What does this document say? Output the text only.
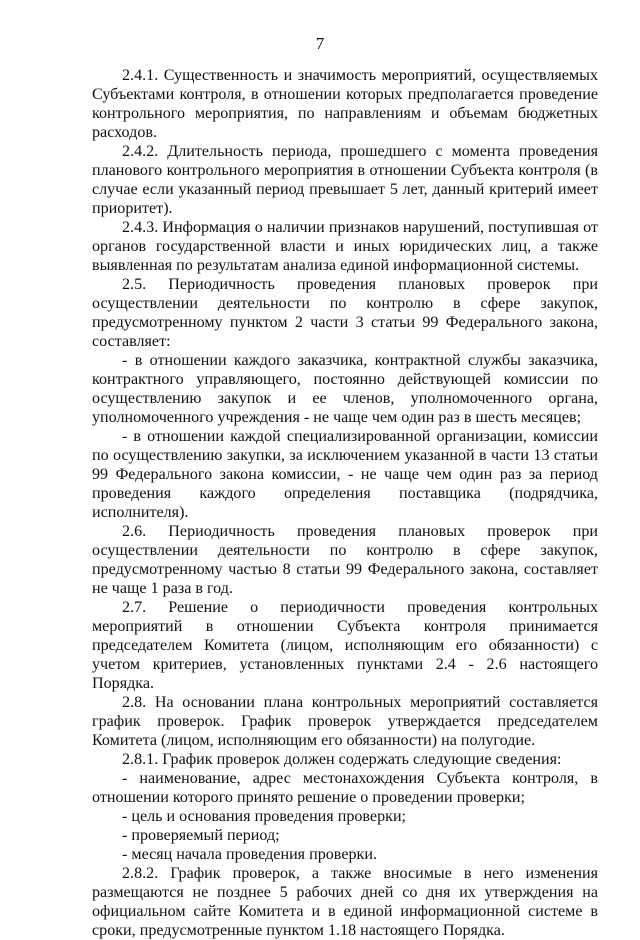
7

2.4.1. Существенность и значимость мероприятий, осуществляемых Субъектами контроля, в отношении которых предполагается проведение контрольного мероприятия, по направлениям и объемам бюджетных расходов.

2.4.2. Длительность периода, прошедшего с момента проведения планового контрольного мероприятия в отношении Субъекта контроля (в случае если указанный период превышает 5 лет, данный критерий имеет приоритет).

2.4.3. Информация о наличии признаков нарушений, поступившая от органов государственной власти и иных юридических лиц, а также выявленная по результатам анализа единой информационной системы.

2.5. Периодичность проведения плановых проверок при осуществлении деятельности по контролю в сфере закупок, предусмотренному пунктом 2 части 3 статьи 99 Федерального закона, составляет:

- в отношении каждого заказчика, контрактной службы заказчика, контрактного управляющего, постоянно действующей комиссии по осуществлению закупок и ее членов, уполномоченного органа, уполномоченного учреждения - не чаще чем один раз в шесть месяцев;

- в отношении каждой специализированной организации, комиссии по осуществлению закупки, за исключением указанной в части 13 статьи 99 Федерального закона комиссии, - не чаще чем один раз за период проведения каждого определения поставщика (подрядчика, исполнителя).

2.6. Периодичность проведения плановых проверок при осуществлении деятельности по контролю в сфере закупок, предусмотренному частью 8 статьи 99 Федерального закона, составляет не чаще 1 раза в год.

2.7. Решение о периодичности проведения контрольных мероприятий в отношении Субъекта контроля принимается председателем Комитета (лицом, исполняющим его обязанности) с учетом критериев, установленных пунктами 2.4 - 2.6 настоящего Порядка.

2.8. На основании плана контрольных мероприятий составляется график проверок. График проверок утверждается председателем Комитета (лицом, исполняющим его обязанности) на полугодие.

2.8.1. График проверок должен содержать следующие сведения:

- наименование, адрес местонахождения Субъекта контроля, в отношении которого принято решение о проведении проверки;

- цель и основания проведения проверки;

- проверяемый период;

- месяц начала проведения проверки.

2.8.2. График проверок, а также вносимые в него изменения размещаются не позднее 5 рабочих дней со дня их утверждения на официальном сайте Комитета и в единой информационной системе в сроки, предусмотренные пунктом 1.18 настоящего Порядка.
